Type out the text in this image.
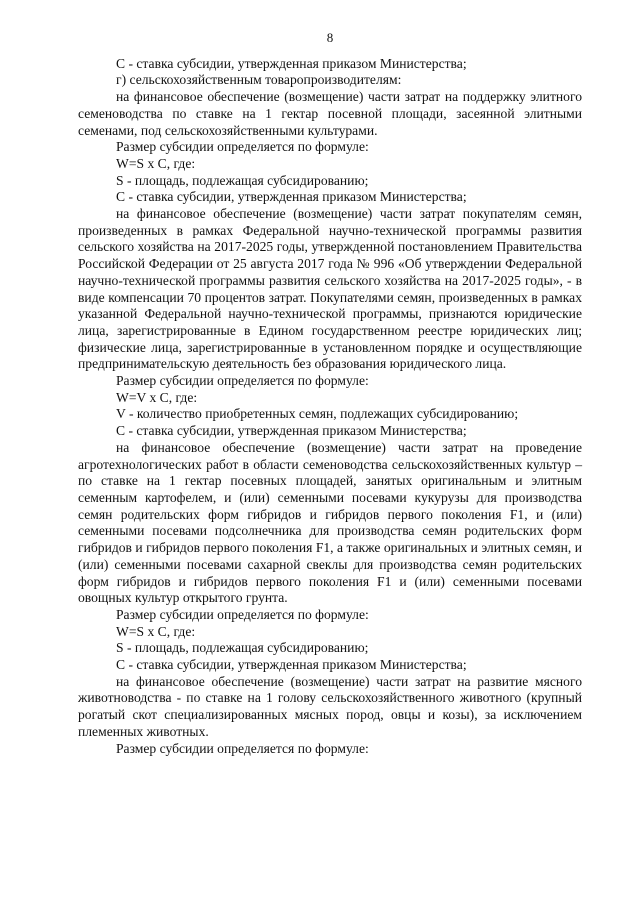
8

С - ставка субсидии, утвержденная приказом Министерства;

г) сельскохозяйственным товаропроизводителям:

на финансовое обеспечение (возмещение) части затрат на поддержку элитного семеноводства по ставке на 1 гектар посевной площади, засеянной элитными семенами, под сельскохозяйственными культурами.

Размер субсидии определяется по формуле:

W=S x C, где:

S - площадь, подлежащая субсидированию;

С - ставка субсидии, утвержденная приказом Министерства;

на финансовое обеспечение (возмещение) части затрат покупателям семян, произведенных в рамках Федеральной научно-технической программы развития сельского хозяйства на 2017-2025 годы, утвержденной постановлением Правительства Российской Федерации от 25 августа 2017 года № 996 «Об утверждении Федеральной научно-технической программы развития сельского хозяйства на 2017-2025 годы», - в виде компенсации 70 процентов затрат. Покупателями семян, произведенных в рамках указанной Федеральной научно-технической программы, признаются юридические лица, зарегистрированные в Едином государственном реестре юридических лиц; физические лица, зарегистрированные в установленном порядке и осуществляющие предпринимательскую деятельность без образования юридического лица.

Размер субсидии определяется по формуле:

W=V x C, где:

V - количество приобретенных семян, подлежащих субсидированию;

С - ставка субсидии, утвержденная приказом Министерства;

на финансовое обеспечение (возмещение) части затрат на проведение агротехнологических работ в области семеноводства сельскохозяйственных культур – по ставке на 1 гектар посевных площадей, занятых оригинальным и элитным семенным картофелем, и (или) семенными посевами кукурузы для производства семян родительских форм гибридов и гибридов первого поколения F1, и (или) семенными посевами подсолнечника для производства семян родительских форм гибридов и гибридов первого поколения F1, а также оригинальных и элитных семян, и (или) семенными посевами сахарной свеклы для производства семян родительских форм гибридов и гибридов первого поколения F1 и (или) семенными посевами овощных культур открытого грунта.

Размер субсидии определяется по формуле:

W=S x C, где:

S - площадь, подлежащая субсидированию;

С - ставка субсидии, утвержденная приказом Министерства;

на финансовое обеспечение (возмещение) части затрат на развитие мясного животноводства - по ставке на 1 голову сельскохозяйственного животного (крупный рогатый скот специализированных мясных пород, овцы и козы), за исключением племенных животных.

Размер субсидии определяется по формуле:
